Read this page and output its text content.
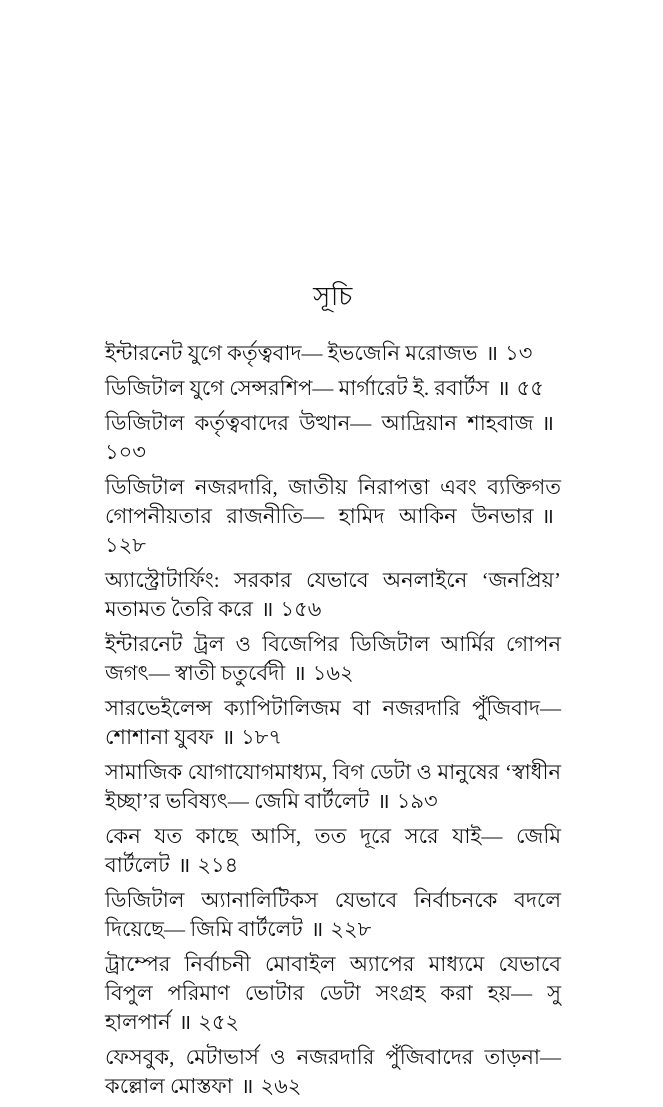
সূচি
ইন্টারনেট যুগে কর্তৃত্ববাদ— ইভজেনি মরোজভ ॥ ১৩
ডিজিটাল যুগে সেন্সরশিপ— মার্গারেট ই. রবার্টস ॥ ৫৫
ডিজিটাল কর্তৃত্ববাদের উত্থান— আদ্রিয়ান শাহবাজ ॥১০৩
ডিজিটাল নজরদারি, জাতীয় নিরাপত্তা এবং ব্যক্তিগত গোপনীয়তার রাজনীতি— হামিদ আকিন উনভার ॥১২৮
অ্যাস্ট্রোটার্ফিং: সরকার যেভাবে অনলাইনে ‘জনপ্রিয়’ মতামত তৈরি করে ॥ ১৫৬
ইন্টারনেট ট্রল ও বিজেপির ডিজিটাল আর্মির গোপন জগৎ— স্বাতী চতুর্বেদী ॥ ১৬২
সারভেইলেন্স ক্যাপিটালিজম বা নজরদারি পুঁজিবাদ— শোশানা যুবফ ॥ ১৮৭
সামাজিক যোগাযোগমাধ্যম, বিগ ডেটা ও মানুষের ‘স্বাধীন ইচ্ছা’র ভবিষ্যৎ— জেমি বার্টলেট ॥ ১৯৩
কেন যত কাছে আসি, তত দূরে সরে যাই— জেমি বার্টলেট ॥ ২১৪
ডিজিটাল অ্যানালিটিকস যেভাবে নির্বাচনকে বদলে দিয়েছে— জিমি বার্টলেট ॥ ২২৮
ট্রাম্পের নির্বাচনী মোবাইল অ্যাপের মাধ্যমে যেভাবে বিপুল পরিমাণ ভোটার ডেটা সংগ্রহ করা হয়— সু হালপার্ন ॥ ২৫২
ফেসবুক, মেটাভার্স ও নজরদারি পুঁজিবাদের তাড়না— কল্লোল মোস্তফা ॥ ২৬২
